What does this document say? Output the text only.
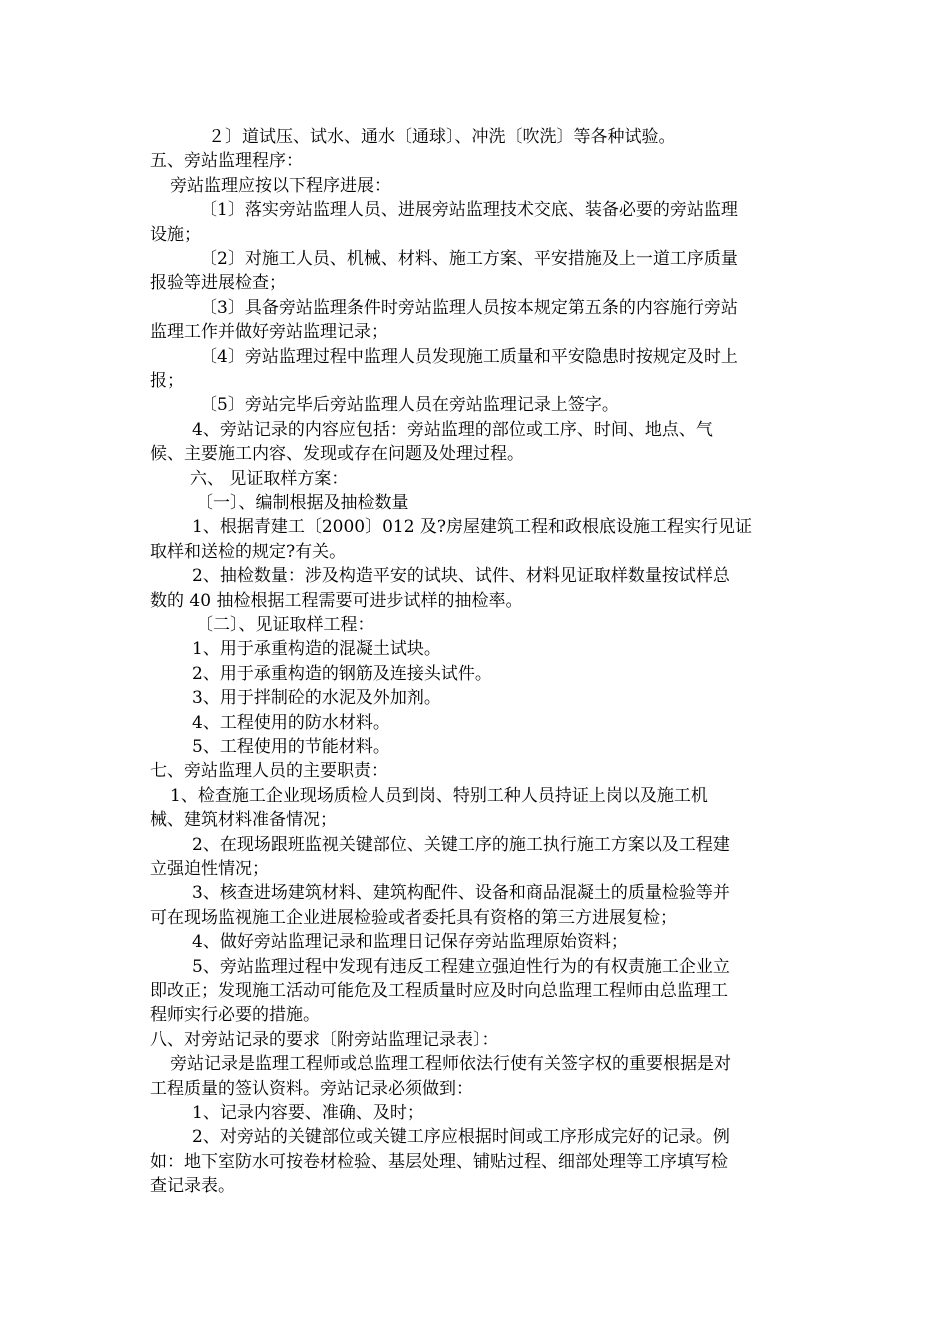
２〕道试压、试水、通水〔通球〕、冲洗〔吹洗〕等各种试验。
五、旁站监理程序：
旁站监理应按以下程序进展：
〔1〕落实旁站监理人员、进展旁站监理技术交底、装备必要的旁站监理
设施；
〔2〕对施工人员、机械、材料、施工方案、平安措施及上一道工序质量
报验等进展检查；
〔3〕具备旁站监理条件时旁站监理人员按本规定第五条的内容施行旁站
监理工作并做好旁站监理记录；
〔4〕旁站监理过程中监理人员发现施工质量和平安隐患时按规定及时上
报；
〔5〕旁站完毕后旁站监理人员在旁站监理记录上签字。
4、旁站记录的内容应包括：旁站监理的部位或工序、时间、地点、气
候、主要施工内容、发现或存在问题及处理过程。
六、 见证取样方案：
〔一〕、编制根据及抽检数量
1、根据青建工〔2000〕012 及?房屋建筑工程和政根底设施工程实行见证
取样和送检的规定?有关。
2、抽检数量：涉及构造平安的试块、试件、材料见证取样数量按试样总
数的 40 抽检根据工程需要可进步试样的抽检率。
〔二〕、见证取样工程：
1、用于承重构造的混凝土试块。
2、用于承重构造的钢筋及连接头试件。
3、用于拌制砼的水泥及外加剂。
4、工程使用的防水材料。
5、工程使用的节能材料。
七、旁站监理人员的主要职责：
1、检查施工企业现场质检人员到岗、特别工种人员持证上岗以及施工机
械、建筑材料准备情况；
2、在现场跟班监视关键部位、关键工序的施工执行施工方案以及工程建
立强迫性情况；
3、核查进场建筑材料、建筑构配件、设备和商品混凝土的质量检验等并
可在现场监视施工企业进展检验或者委托具有资格的第三方进展复检；
4、做好旁站监理记录和监理日记保存旁站监理原始资料；
5、旁站监理过程中发现有违反工程建立强迫性行为的有权责施工企业立
即改正；发现施工活动可能危及工程质量时应及时向总监理工程师由总监理工
程师实行必要的措施。
八、对旁站记录的要求〔附旁站监理记录表〕：
旁站记录是监理工程师或总监理工程师依法行使有关签字权的重要根据是对
工程质量的签认资料。旁站记录必须做到：
1、记录内容要、准确、及时；
2、对旁站的关键部位或关键工序应根据时间或工序形成完好的记录。例
如：地下室防水可按卷材检验、基层处理、铺贴过程、细部处理等工序填写检
查记录表。
